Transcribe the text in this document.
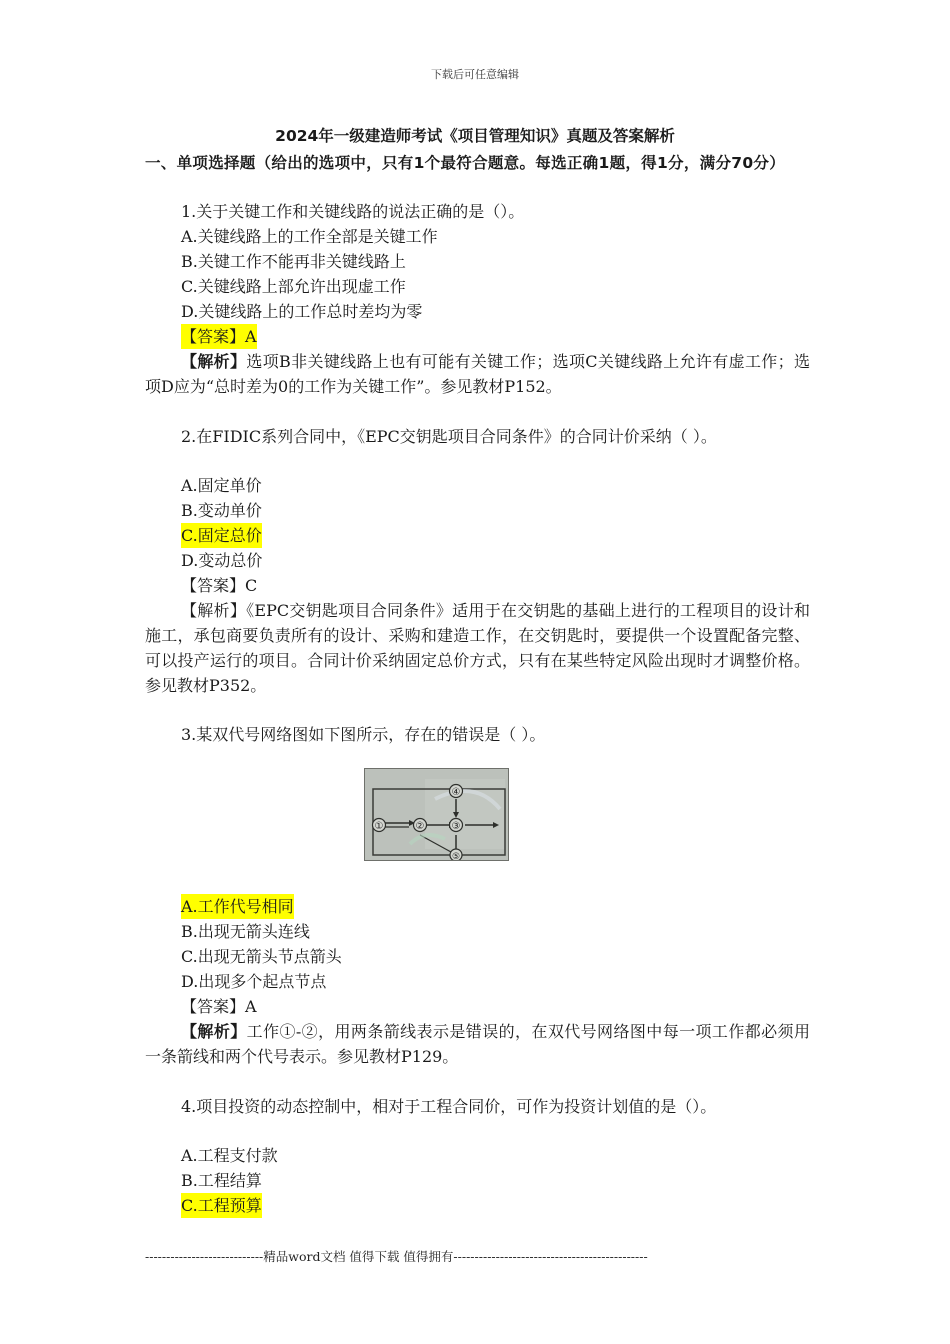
下载后可任意编辑
2024年一级建造师考试《项目管理知识》真题及答案解析
一、单项选择题（给出的选项中，只有1个最符合题意。每选正确1题，得1分，满分70分）
1.关于关键工作和关键线路的说法正确的是（）。
A.关键线路上的工作全部是关键工作
B.关键工作不能再非关键线路上
C.关键线路上部允许出现虚工作
D.关键线路上的工作总时差均为零
【答案】A
【解析】选项B非关键线路上也有可能有关键工作；选项C关键线路上允许有虚工作；选项D应为“总时差为0的工作为关键工作”。参见教材P152。
2.在FIDIC系列合同中，《EPC交钥匙项目合同条件》的合同计价采纳（ ）。
A.固定单价
B.变动单价
C.固定总价
D.变动总价
【答案】C
【解析】《EPC交钥匙项目合同条件》适用于在交钥匙的基础上进行的工程项目的设计和施工，承包商要负责所有的设计、采购和建造工作，在交钥匙时，要提供一个设置配备完整、可以投产运行的项目。合同计价采纳固定总价方式，只有在某些特定风险出现时才调整价格。参见教材P352。
3.某双代号网络图如下图所示，存在的错误是（ ）。
①	②	③
④
⑤
A.工作代号相同
B.出现无箭头连线
C.出现无箭头节点箭头
D.出现多个起点节点
【答案】A
【解析】工作①-②，用两条箭线表示是错误的，在双代号网络图中每一项工作都必须用一条箭线和两个代号表示。参见教材P129。
4.项目投资的动态控制中，相对于工程合同价，可作为投资计划值的是（）。
A.工程支付款
B.工程结算
C.工程预算
----------------------------精品word文档 值得下载 值得拥有----------------------------------------------
